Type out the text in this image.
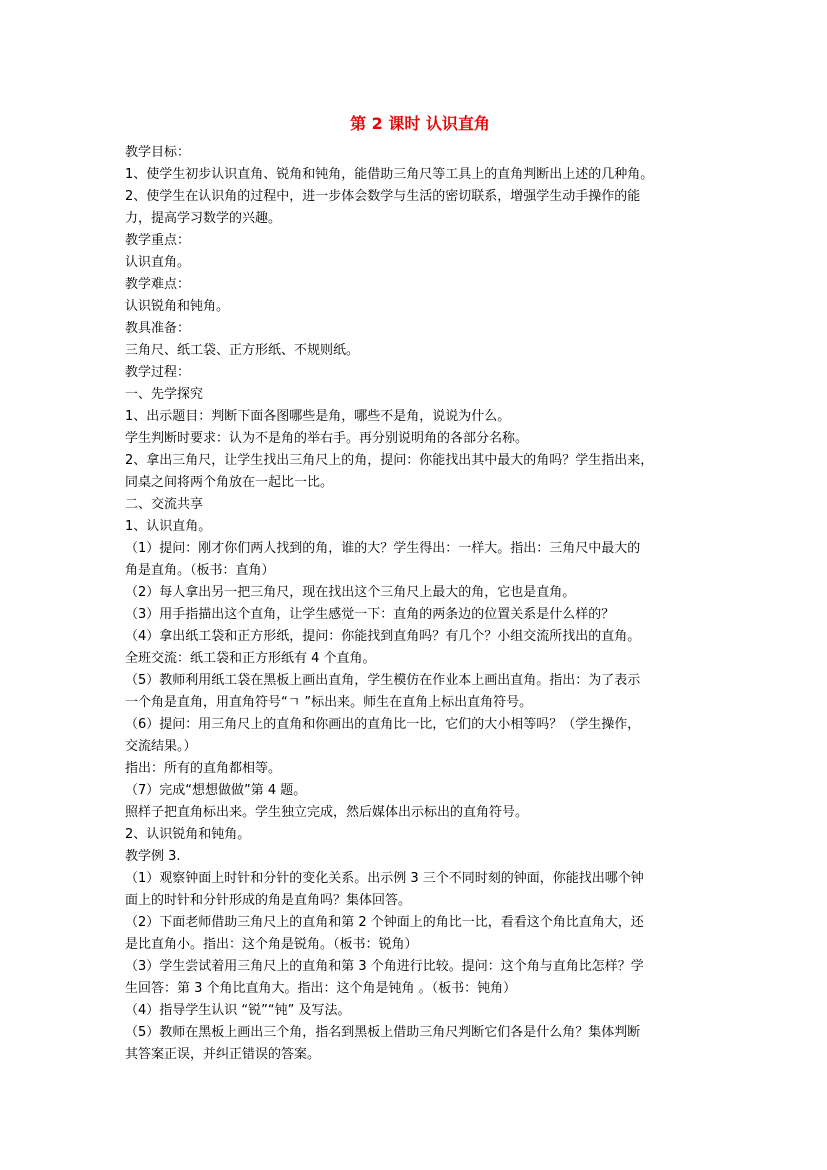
第 2 课时 认识直角
教学目标：
1、使学生初步认识直角、锐角和钝角，能借助三角尺等工具上的直角判断出上述的几种角。
2、使学生在认识角的过程中，进一步体会数学与生活的密切联系，增强学生动手操作的能
力，提高学习数学的兴趣。
教学重点：
认识直角。
教学难点：
认识锐角和钝角。
教具准备：
三角尺、纸工袋、正方形纸、不规则纸。
教学过程：
一、先学探究
1、出示题目：判断下面各图哪些是角，哪些不是角，说说为什么。
学生判断时要求：认为不是角的举右手。再分别说明角的各部分名称。
2、拿出三角尺，让学生找出三角尺上的角，提问：你能找出其中最大的角吗？学生指出来，
同桌之间将两个角放在一起比一比。
二、交流共享
1、认识直角。
（1）提问：刚才你们两人找到的角，谁的大？学生得出：一样大。指出：三角尺中最大的
角是直角。（板书：直角）
（2）每人拿出另一把三角尺，现在找出这个三角尺上最大的角，它也是直角。
（3）用手指描出这个直角，让学生感觉一下：直角的两条边的位置关系是什么样的？
（4）拿出纸工袋和正方形纸，提问：你能找到直角吗？有几个？小组交流所找出的直角。
全班交流：纸工袋和正方形纸有 4 个直角。
（5）教师利用纸工袋在黑板上画出直角，学生模仿在作业本上画出直角。指出：为了表示
一个角是直角，用直角符号“ㄱ ”标出来。师生在直角上标出直角符号。
（6）提问：用三角尺上的直角和你画出的直角比一比，它们的大小相等吗？（学生操作，
交流结果。）
指出：所有的直角都相等。
（7）完成“想想做做”第 4 题。
照样子把直角标出来。学生独立完成，然后媒体出示标出的直角符号。
2、认识锐角和钝角。
教学例 3.
（1）观察钟面上时针和分针的变化关系。出示例 3 三个不同时刻的钟面，你能找出哪个钟
面上的时针和分针形成的角是直角吗？集体回答。
（2）下面老师借助三角尺上的直角和第 2 个钟面上的角比一比，看看这个角比直角大，还
是比直角小。指出：这个角是锐角。（板书：锐角）
（3）学生尝试着用三角尺上的直角和第 3 个角进行比较。提问：这个角与直角比怎样？学
生回答：第 3 个角比直角大。指出：这个角是钝角 。（板书：钝角）
（4）指导学生认识 “锐”“钝” 及写法。
（5）教师在黑板上画出三个角，指名到黑板上借助三角尺判断它们各是什么角？集体判断
其答案正误，并纠正错误的答案。
